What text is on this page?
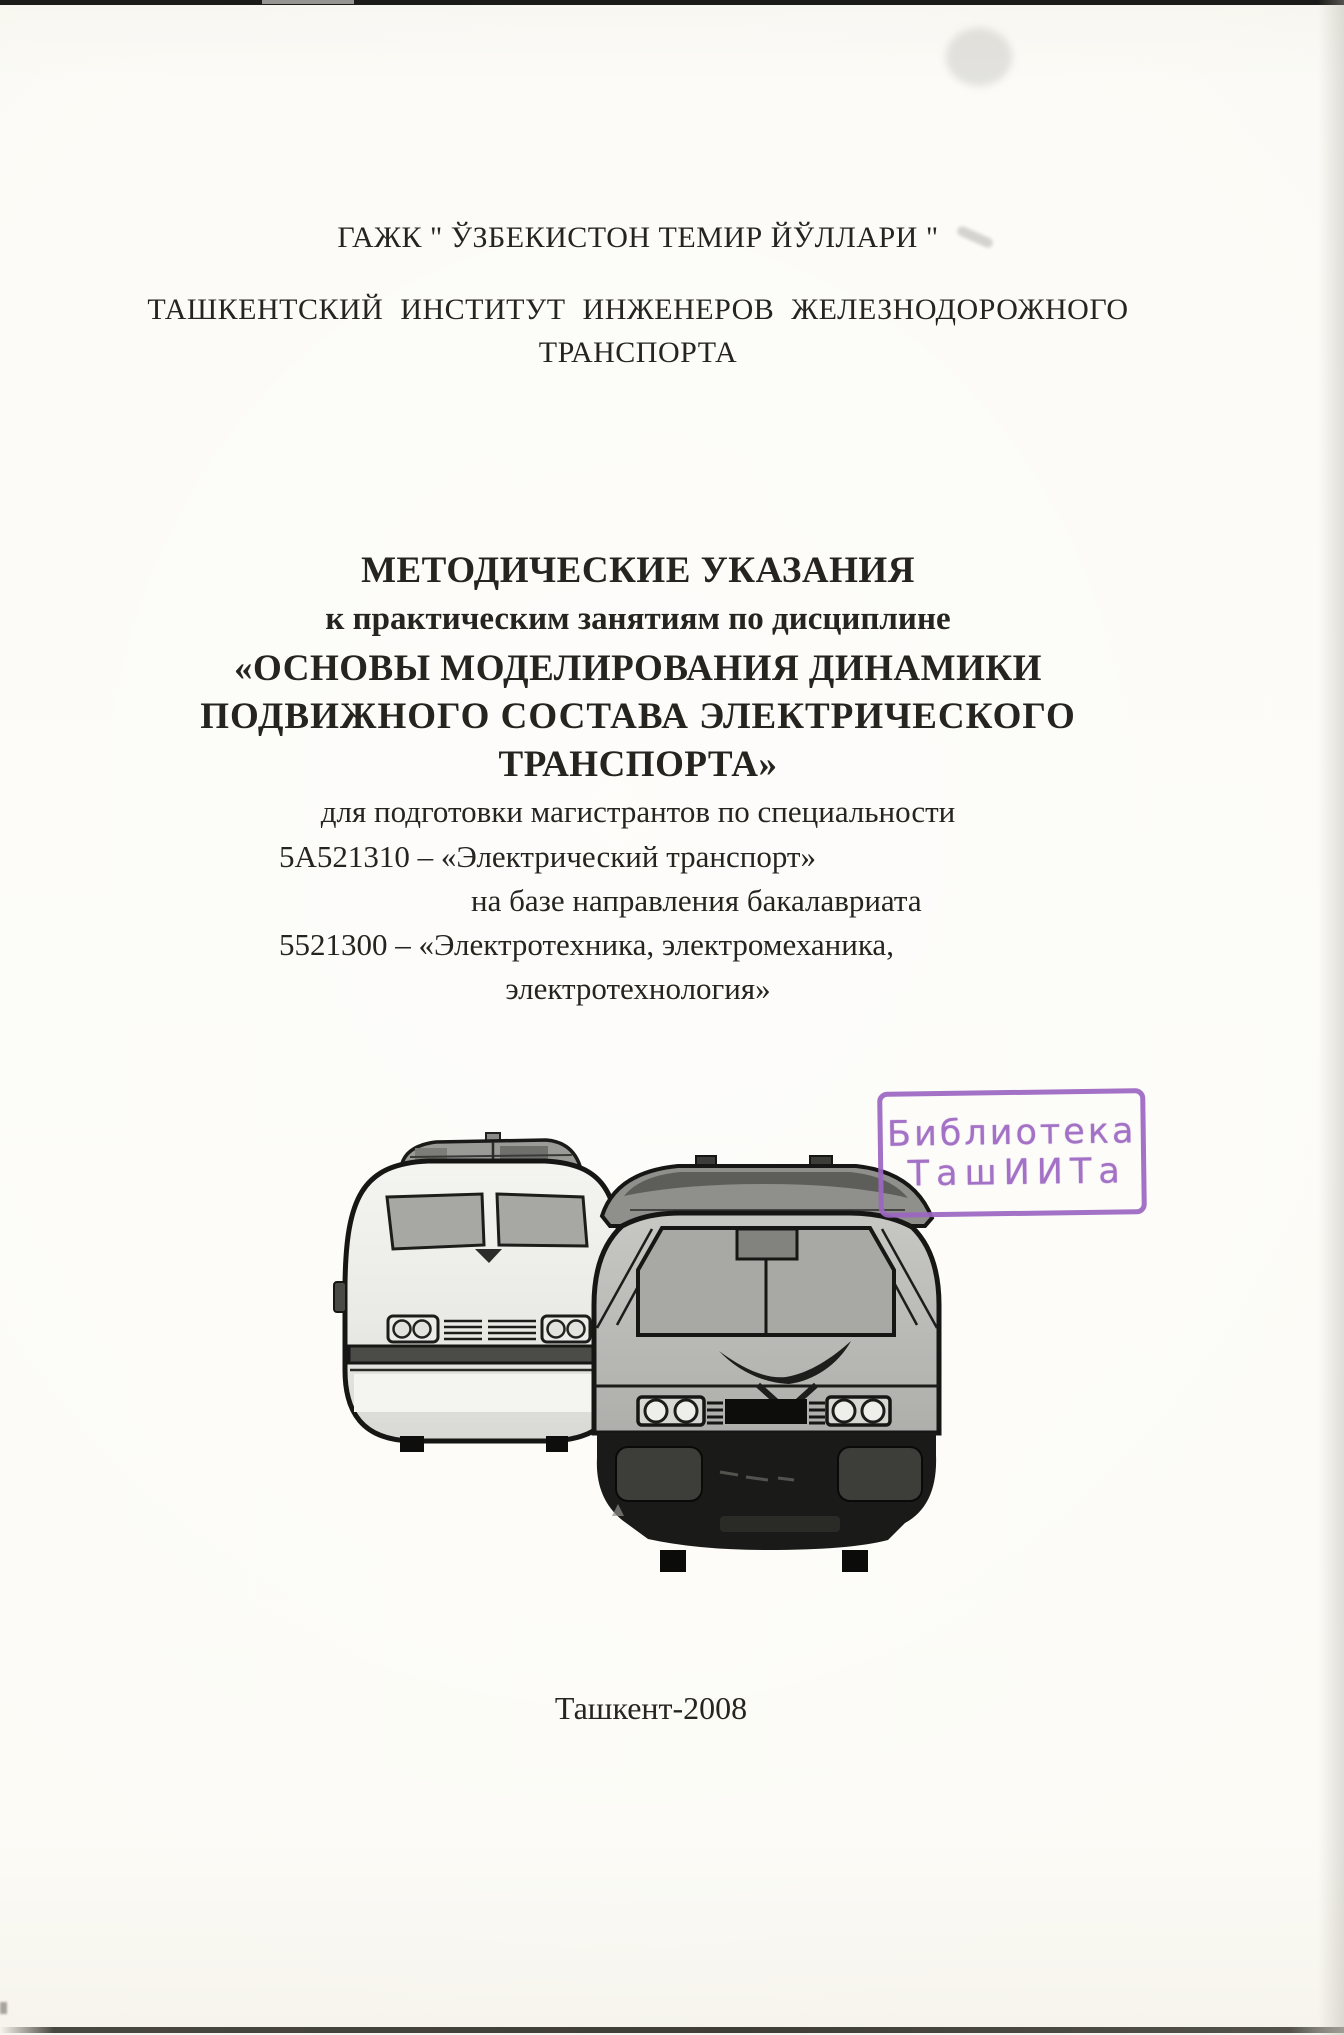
ГАЖК " ЎЗБЕКИСТОН ТЕМИР ЙЎЛЛАРИ "
ТАШКЕНТСКИЙ ИНСТИТУТ ИНЖЕНЕРОВ ЖЕЛЕЗНОДОРОЖНОГО
ТРАНСПОРТА
МЕТОДИЧЕСКИЕ УКАЗАНИЯ
к практическим занятиям по дисциплине
«ОСНОВЫ МОДЕЛИРОВАНИЯ ДИНАМИКИ
ПОДВИЖНОГО СОСТАВА ЭЛЕКТРИЧЕСКОГО
ТРАНСПОРТА»
для подготовки магистрантов по специальности
5А521310 – «Электрический транспорт»
на базе направления бакалавриата
5521300 – «Электротехника, электромеханика,
электротехнология»
Библиотека
ТашИИТа
Ташкент-2008
